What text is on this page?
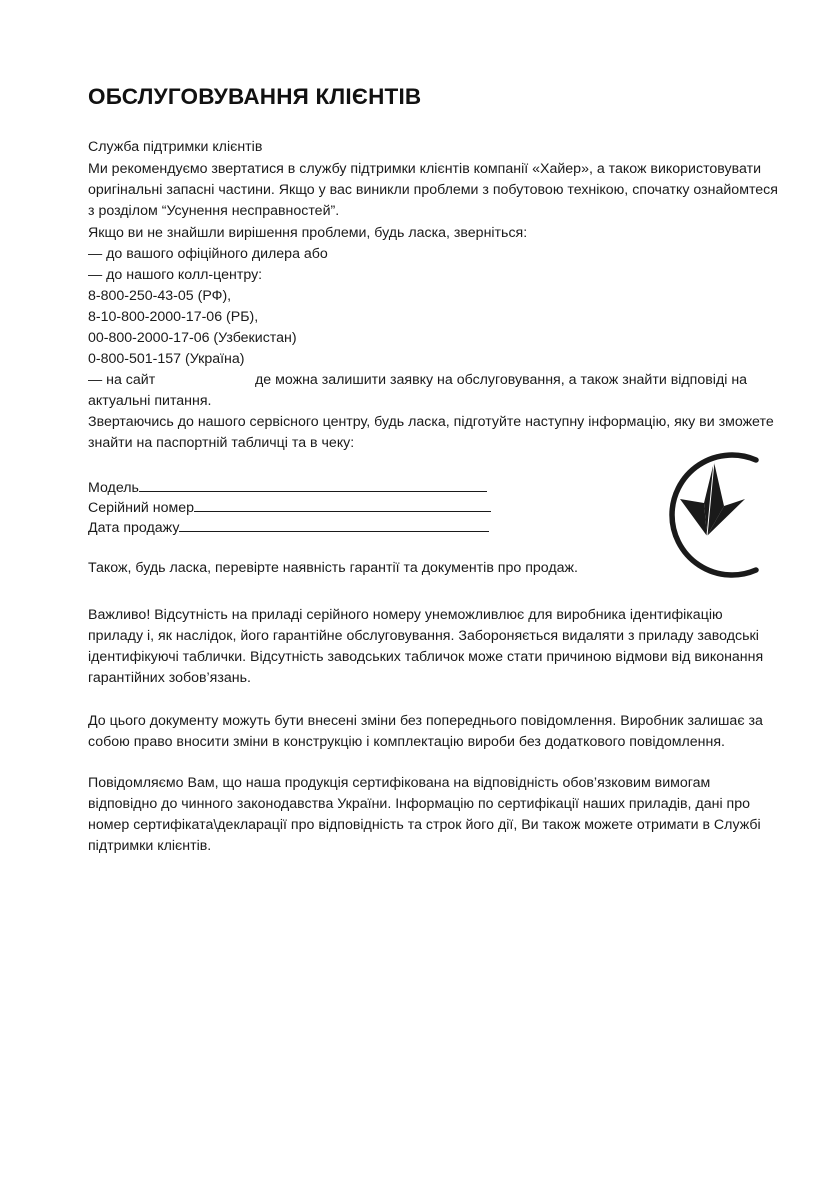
ОБСЛУГОВУВАННЯ КЛІЄНТІВ
Служба підтримки клієнтів
Ми рекомендуємо звертатися в службу підтримки клієнтів компанії «Хайер», а також використовувати
оригінальні запасні частини. Якщо у вас виникли проблеми з побутовою технікою, спочатку ознайомтеся
з розділом “Усунення несправностей”.
Якщо ви не знайшли вирішення проблеми, будь ласка, зверніться:
— до вашого офіційного дилера або
— до нашого колл-центру:
8-800-250-43-05 (РФ),
8-10-800-2000-17-06 (РБ),
00-800-2000-17-06 (Узбекистан)
0-800-501-157 (Україна)
— на сайт	де можна залишити заявку на обслуговування, а також знайти відповіді на
актуальні питання.
Звертаючись до нашого сервісного центру, будь ласка, підготуйте наступну інформацію, яку ви зможете
знайти на паспортній табличці та в чеку:
Модель
Серійний номер
Дата продажу
Також, будь ласка, перевірте наявність гарантії та документів про продаж.
Важливо! Відсутність на приладі серійного номеру унеможливлює для виробника ідентифікацію
приладу і, як наслідок, його гарантійне обслуговування. Забороняється видаляти з приладу заводські
ідентифікуючі таблички. Відсутність заводських табличок може стати причиною відмови від виконання
гарантійних зобов’язань.
До цього документу можуть бути внесені зміни без попереднього повідомлення. Виробник залишає за
собою право вносити зміни в конструкцію і комплектацію вироби без додаткового повідомлення.
Повідомляємо Вам, що наша продукція сертифікована на відповідність обов’язковим вимогам
відповідно до чинного законодавства України. Інформацію по сертифікації наших приладів, дані про
номер сертифіката\декларації про відповідність та строк його дії, Ви також можете отримати в Службі
підтримки клієнтів.
